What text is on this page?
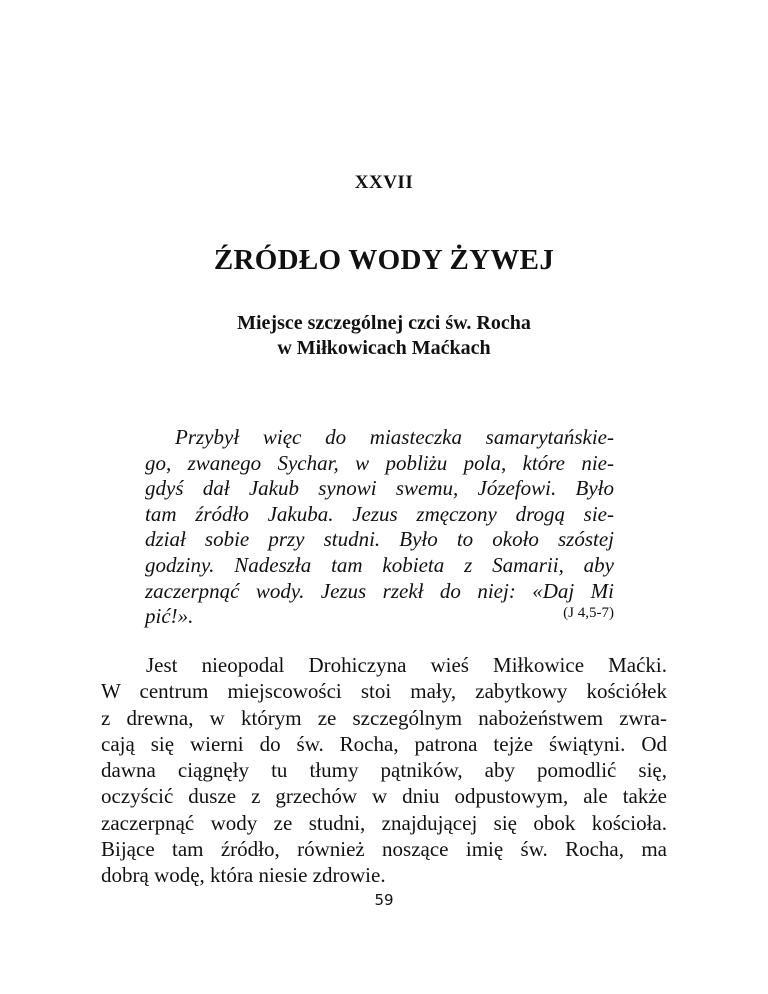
XXVII
ŹRÓDŁO WODY ŻYWEJ
Miejsce szczególnej czci św. Rocha
w Miłkowicach Maćkach
Przybył więc do miasteczka samarytańskie-
go, zwanego Sychar, w pobliżu pola, które nie-
gdyś dał Jakub synowi swemu, Józefowi. Było
tam źródło Jakuba. Jezus zmęczony drogą sie-
dział sobie przy studni. Było to około szóstej
godziny. Nadeszła tam kobieta z Samarii, aby
zaczerpnąć wody. Jezus rzekł do niej: «Daj Mi
pić!».	(J 4,5-7)
Jest nieopodal Drohiczyna wieś Miłkowice Maćki.
W centrum miejscowości stoi mały, zabytkowy kościółek
z drewna, w którym ze szczególnym nabożeństwem zwra-
cają się wierni do św. Rocha, patrona tejże świątyni. Od
dawna ciągnęły tu tłumy pątników, aby pomodlić się,
oczyścić dusze z grzechów w dniu odpustowym, ale także
zaczerpnąć wody ze studni, znajdującej się obok kościoła.
Bijące tam źródło, również noszące imię św. Rocha, ma
dobrą wodę, która niesie zdrowie.
59
